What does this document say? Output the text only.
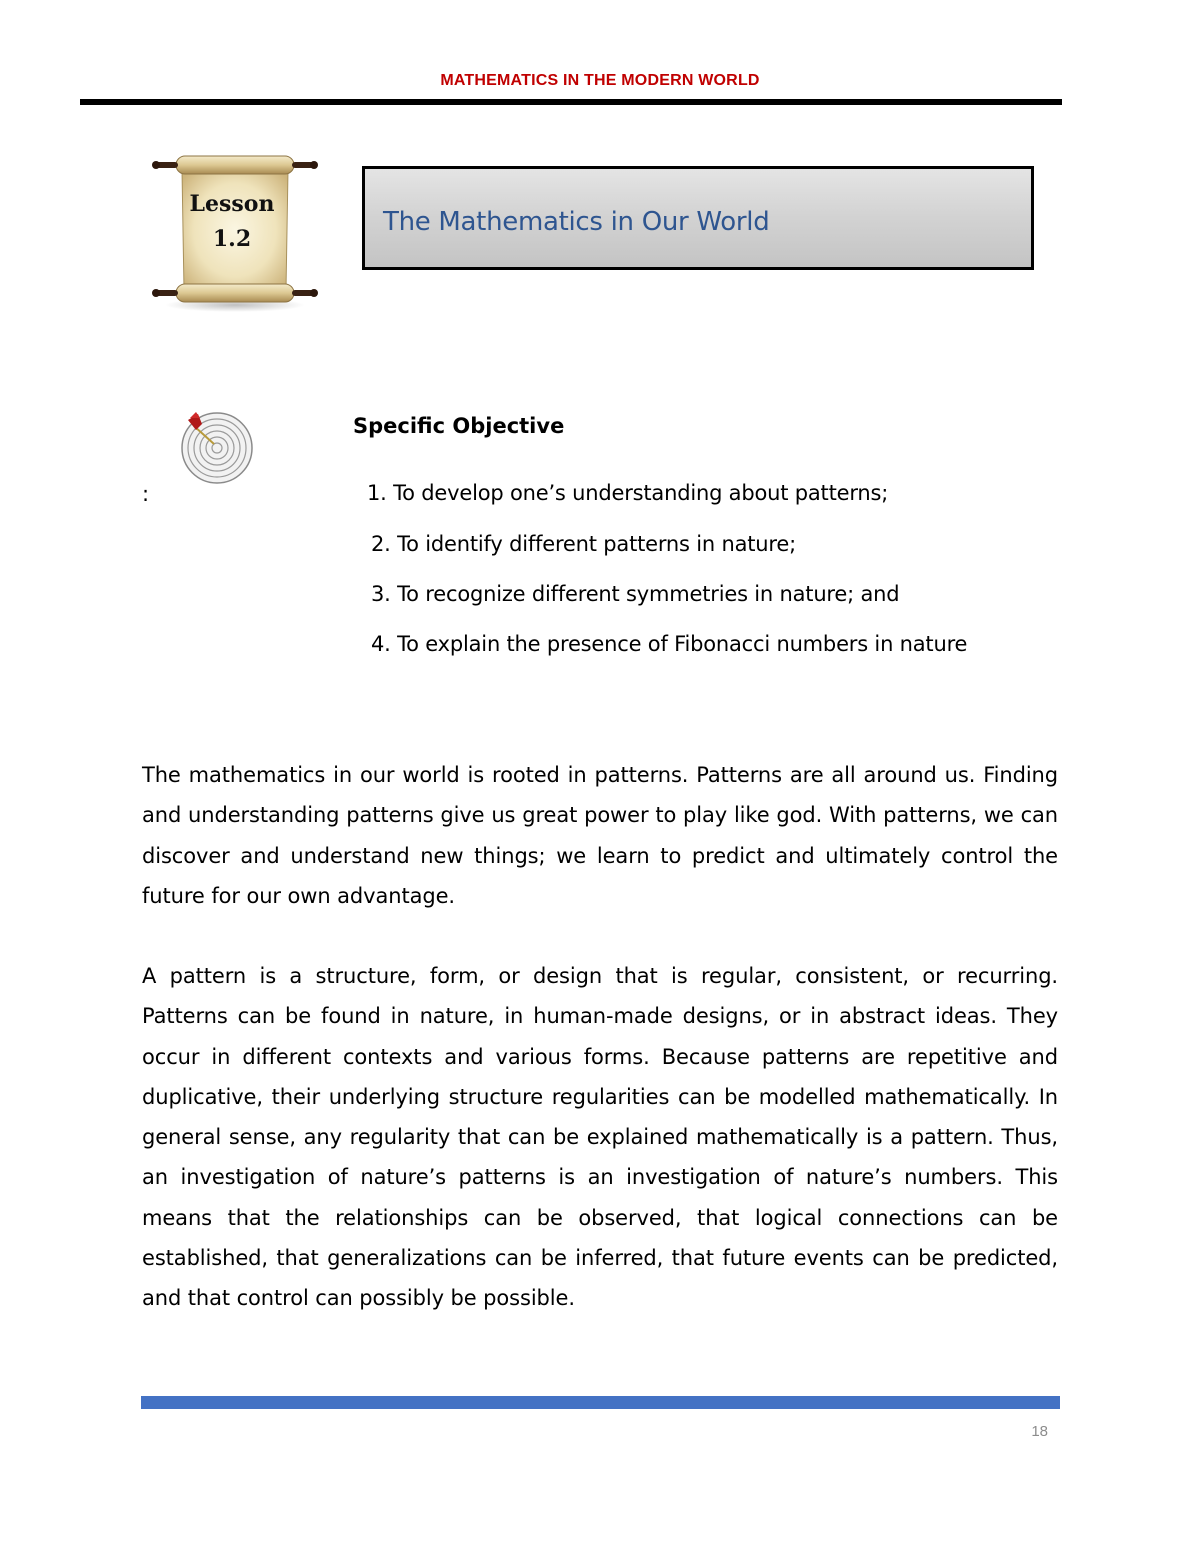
MATHEMATICS IN THE MODERN WORLD
Lesson
1.2
The Mathematics in Our World
Specific Objective
:	1. To develop one’s understanding about patterns;
2. To identify different patterns in nature;
3. To recognize different symmetries in nature; and
4. To explain the presence of Fibonacci numbers in nature
The mathematics in our world is rooted in patterns. Patterns are all around us. Finding and understanding patterns give us great power to play like god. With patterns, we can discover and understand new things; we learn to predict and ultimately control the future for our own advantage.
A pattern is a structure, form, or design that is regular, consistent, or recurring. Patterns can be found in nature, in human-made designs, or in abstract ideas. They occur in different contexts and various forms. Because patterns are repetitive and duplicative, their underlying structure regularities can be modelled mathematically. In general sense, any regularity that can be explained mathematically is a pattern. Thus, an investigation of nature’s patterns is an investigation of nature’s numbers. This means that the relationships can be observed, that logical connections can be established, that generalizations can be inferred, that future events can be predicted, and that control can possibly be possible.
18
